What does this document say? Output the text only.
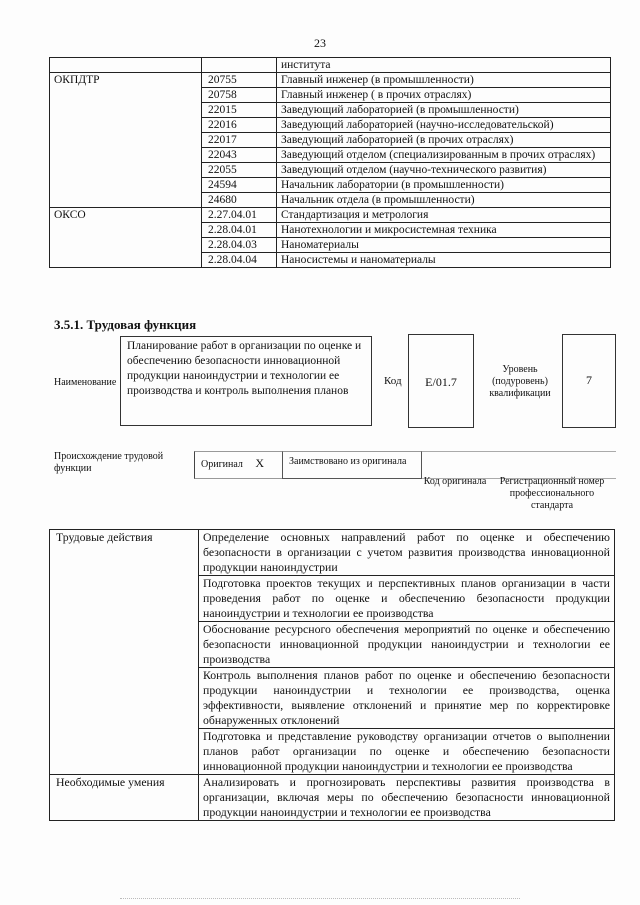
23
		института
ОКПДТР	20755	Главный инженер (в промышленности)
	20758	Главный инженер ( в прочих отраслях)
	22015	Заведующий лабораторией (в промышленности)
	22016	Заведующий лабораторией (научно-исследовательской)
	22017	Заведующий лабораторией (в прочих отраслях)
	22043	Заведующий отделом (специализированным в прочих отраслях)
	22055	Заведующий отделом (научно-технического развития)
	24594	Начальник лаборатории (в промышленности)
	24680	Начальник отдела (в промышленности)
ОКСО	2.27.04.01	Стандартизация и метрология
	2.28.04.01	Нанотехнологии и микросистемная техника
	2.28.04.03	Наноматериалы
	2.28.04.04	Наносистемы и наноматериалы
3.5.1. Трудовая функция
Наименование
Планирование работ в организации по оценке и обеспечению безопасности инновационной продукции наноиндустрии и технологии ее производства и контроль выполнения планов
Код	E/01.7
Уровень (подуровень) квалификации
7
Происхождение трудовой функции	Оригинал X	Заимствовано из оригинала
Код оригинала	Регистрационный номер профессионального стандарта
Трудовые действия	Определение основных направлений работ по оценке и обеспечению безопасности в организации с учетом развития производства инновационной продукции наноиндустрии
	Подготовка проектов текущих и перспективных планов организации в части проведения работ по оценке и обеспечению безопасности продукции наноиндустрии и технологии ее производства
	Обоснование ресурсного обеспечения мероприятий по оценке и обеспечению безопасности инновационной продукции наноиндустрии и технологии ее производства
	Контроль выполнения планов работ по оценке и обеспечению безопасности продукции наноиндустрии и технологии ее производства, оценка эффективности, выявление отклонений и принятие мер по корректировке обнаруженных отклонений
	Подготовка и представление руководству организации отчетов о выполнении планов работ организации по оценке и обеспечению безопасности инновационной продукции наноиндустрии и технологии ее производства
Необходимые умения	Анализировать и прогнозировать перспективы развития производства в организации, включая меры по обеспечению безопасности инновационной продукции наноиндустрии и технологии ее производства
